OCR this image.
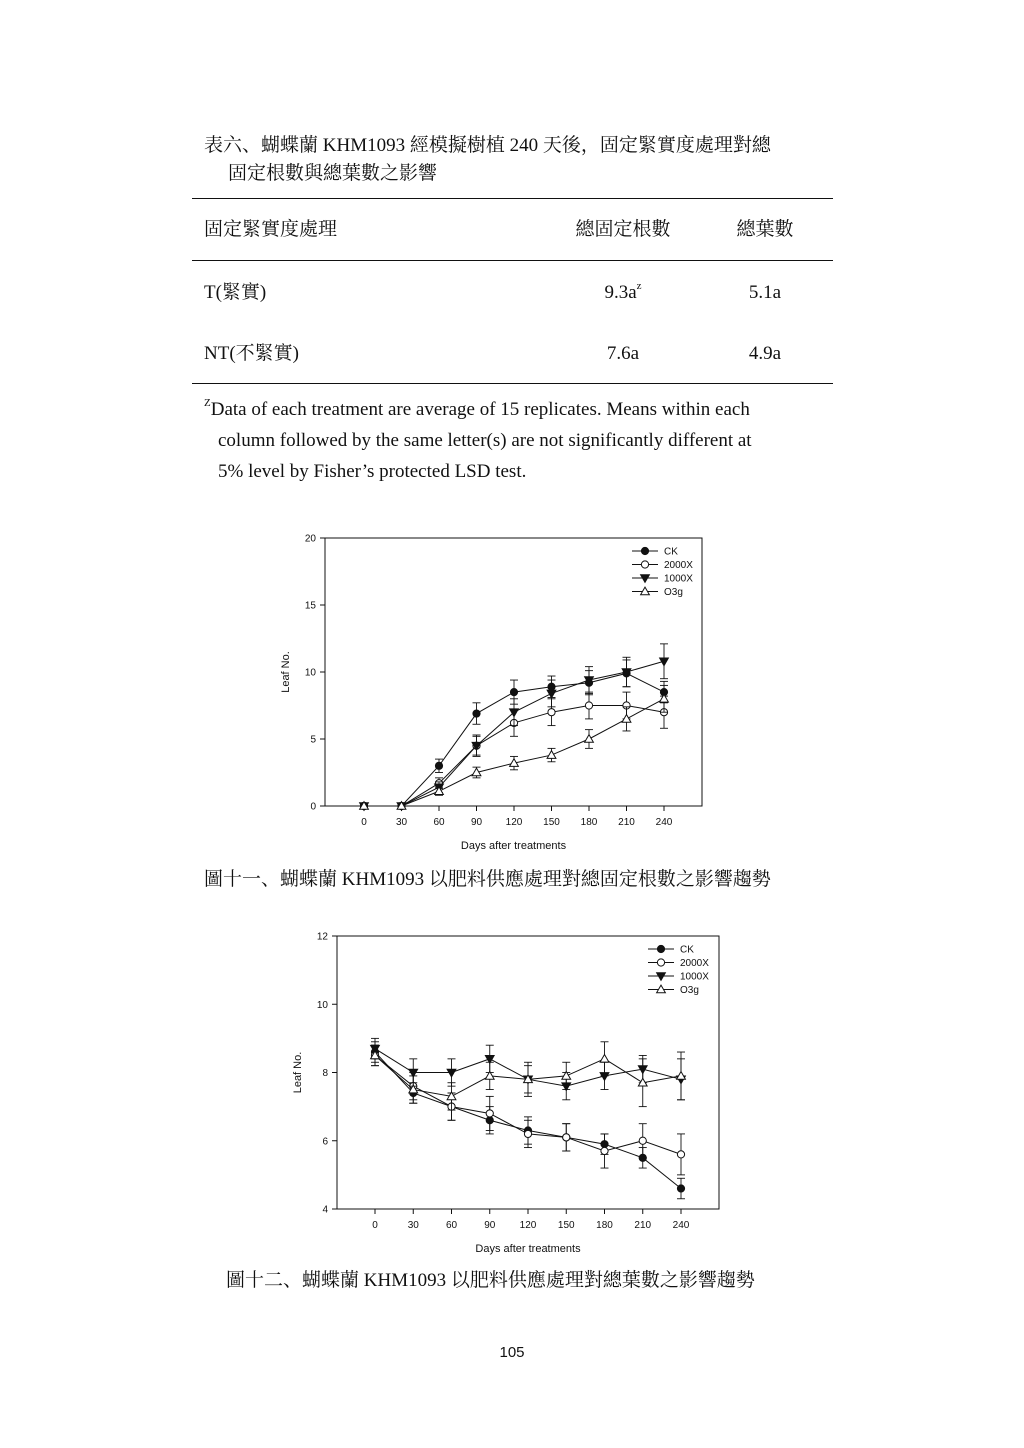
表六、蝴蝶蘭 KHM1093 經模擬樹植 240 天後，固定緊實度處理對總
固定根數與總葉數之影響
固定緊實度處理	總固定根數	總葉數
T(緊實)	$9.3a^z$	5.1a
NT(不緊實)	7.6a	4.9a
$^Z$Data of each treatment are average of 15 replicates. Means within each
column followed by the same letter(s) are not significantly different at
5% level by Fisher’s protected LSD test.
0
5
10
15
20
0	30	60	90 120 150 180 210 240
Days after treatments
Leaf No.
CK
2000X
1000X
O3g
圖十一、蝴蝶蘭 KHM1093 以肥料供應處理對總固定根數之影響趨勢
4
6
8
10
12
0	30	60	90 120 150 180 210 240
Days after treatments
Leaf No.
CK
2000X
1000X
O3g
圖十二、蝴蝶蘭 KHM1093 以肥料供應處理對總葉數之影響趨勢
105
